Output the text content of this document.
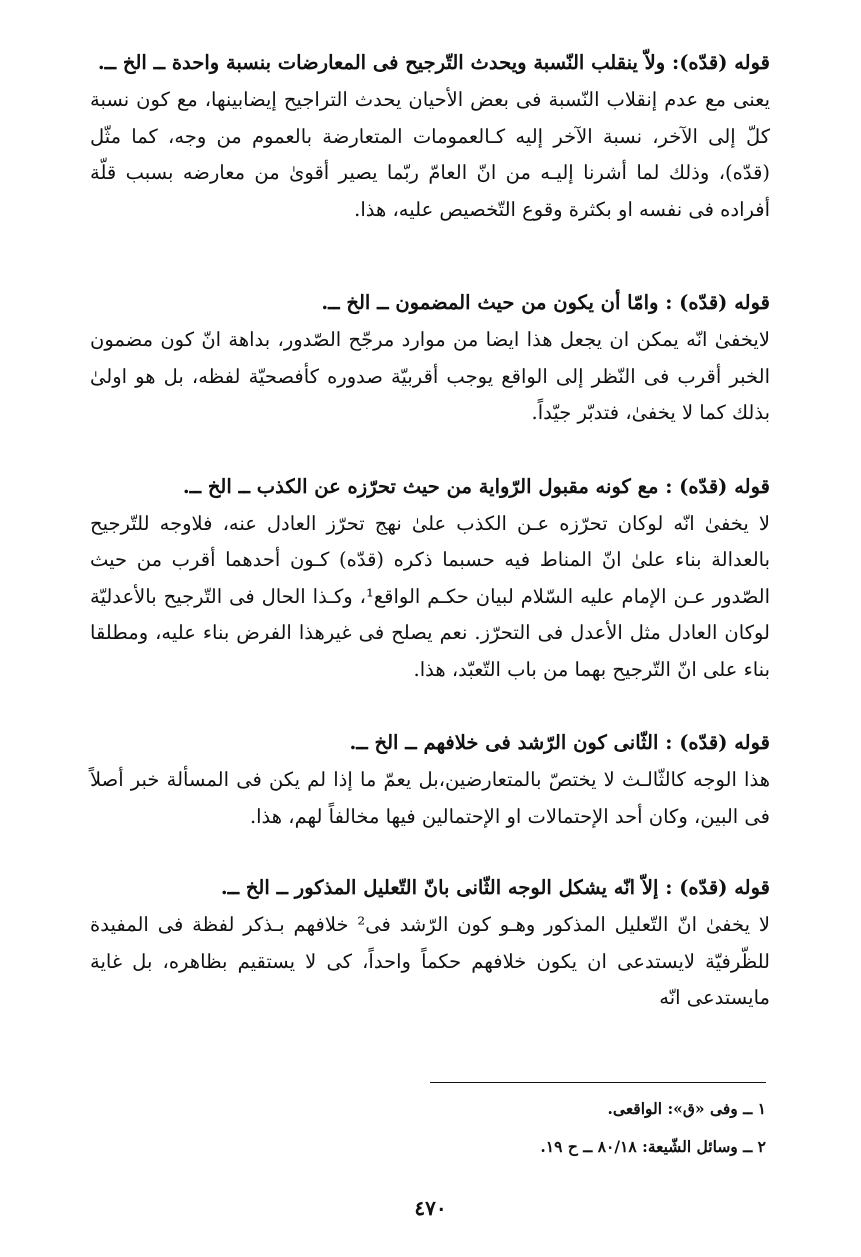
قوله (قدّه): ولاّ ينقلب النّسبة ويحدث التّرجيح فى المعارضات بنسبة واحدة ــ الخ ــ.

يعنى مع عدم إنقلاب النّسبة فى بعض الأحيان يحدث التراجيح إيضابينها، مع كون نسبة كلّ إلى الآخر، نسبة الآخر إليه كـالعمومات المتعارضة بالعموم من وجه، كما مثّل (قدّه)، وذلك لما أشرنا إليـه من انّ العامّ ربّما يصير أقوىٰ من معارضه بسبب قلّة أفراده فى نفسه او بكثرة وقوع التّخصيص عليه، هذا.

قوله (قدّه) : وامّا أن يكون من حيث المضمون ــ الخ ــ.

لايخفىٰ انّه يمكن ان يجعل هذا ايضا من موارد مرجّح الصّدور، بداهة انّ كون مضمون الخبر أقرب فى النّظر إلى الواقع يوجب أقربيّة صدوره كأفصحيّة لفظه، بل هو اولىٰ بذلك كما لا يخفىٰ، فتدبّر جيّداً.

قوله (قدّه) : مع كونه مقبول الرّواية من حيث تحرّزه عن الكذب ــ الخ ــ.

لا يخفىٰ انّه لوكان تحرّزه عـن الكذب علىٰ نهج تحرّز العادل عنه، فلاوجه للتّرجيح بالعدالة بناء علىٰ انّ المناط فيه حسبما ذكره (قدّه) كـون أحدهما أقرب من حيث الصّدور عـن الإمام عليه السّلام لبيان حكـم الواقع¹، وكـذا الحال فى التّرجيح بالأعدليّة لوكان العادل مثل الأعدل فى التحرّز. نعم يصلح فى غيرهذا الفرض بناء عليه، ومطلقا بناء على انّ التّرجيح بهما من باب التّعبّد، هذا.

قوله (قدّه) : الثّانى كون الرّشد فى خلافهم ــ الخ ــ.

هذا الوجه كالثّالـث لا يختصّ بالمتعارضين،بل يعمّ ما إذا لم يكن فى المسألة خبر أصلاً فى البين، وكان أحد الإحتمالات او الإحتمالين فيها مخالفاً لهم، هذا.

قوله (قدّه) : إلاّ انّه يشكل الوجه الثّانى بانّ التّعليل المذكور ــ الخ ــ.

لا يخفىٰ انّ التّعليل المذكور وهـو كون الرّشد فى² خلافهم بـذكر لفظة فى المفيدة للظّرفيّة لايستدعى ان يكون خلافهم حكماً واحداً، كى لا يستقيم بظاهره، بل غاية مايستدعى انّه

١ ــ وفى «ق»: الواقعى.

٢ ــ وسائل الشّيعة: ٨٠/١٨ ــ ح ١٩.

٤٧٠
